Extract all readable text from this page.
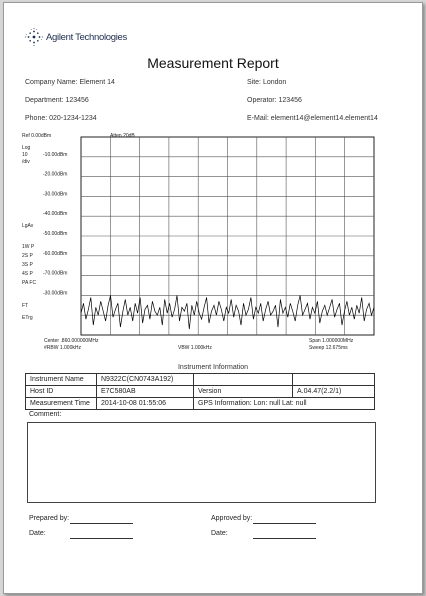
Agilent Technologies
Measurement Report
Company Name: Element 14	Site: London
Department: 123456	Operator: 123456
Phone: 020-1234-1234	E-Mail: element14@element14.element14
Ref 0.00dBm	Atten 20dB
-10.00dBm
-20.00dBm
-30.00dBm
-40.00dBm
-50.00dBm
-60.00dBm
-70.00dBm
-30.00dBm
Log
10
/div
LgAv
1W P
2S P
3S P
4S P
PA FC
FT
ETrg
Center .860.000000MHz
#RBW 1.000kHz	VBW 1.000kHz
Span 1.000000MHz
Sweep 12.675ms
Instrument Information
Instrument Name	N9322C(CN0743A192)		
Host ID	E7C580AB	Version	A.04.47(2.2/1)
Measurement Time	2014-10-08 01:55:06	GPS Information: Lon: null Lat: null	
Comment:
Prepared by:	Approved by:
Date:	Date:
